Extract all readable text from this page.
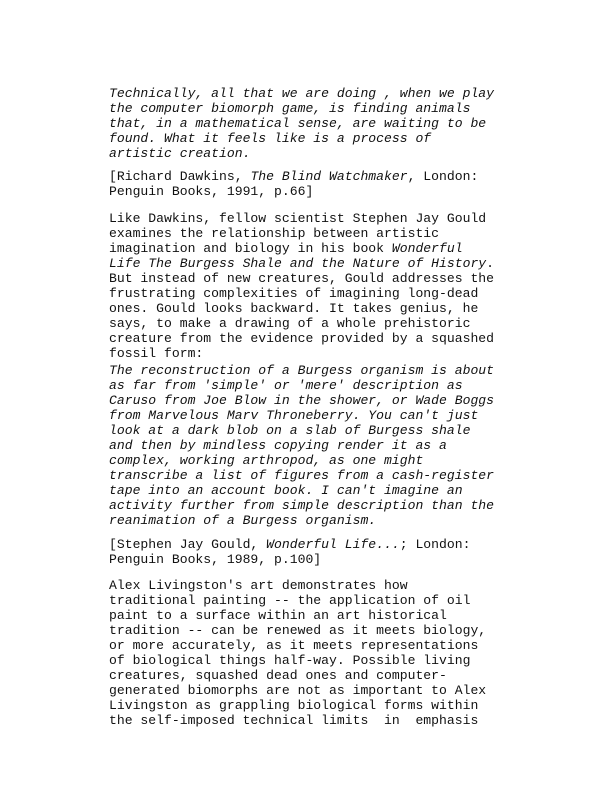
Technically, all that we are doing , when we play
the computer biomorph game, is finding animals
that, in a mathematical sense, are waiting to be
found. What it feels like is a process of
artistic creation.
[Richard Dawkins, The Blind Watchmaker, London:
Penguin Books, 1991, p.66]
Like Dawkins, fellow scientist Stephen Jay Gould
examines the relationship between artistic
imagination and biology in his book Wonderful
Life The Burgess Shale and the Nature of History.
But instead of new creatures, Gould addresses the
frustrating complexities of imagining long-dead
ones. Gould looks backward. It takes genius, he
says, to make a drawing of a whole prehistoric
creature from the evidence provided by a squashed
fossil form:
The reconstruction of a Burgess organism is about
as far from 'simple' or 'mere' description as
Caruso from Joe Blow in the shower, or Wade Boggs
from Marvelous Marv Throneberry. You can't just
look at a dark blob on a slab of Burgess shale
and then by mindless copying render it as a
complex, working arthropod, as one might
transcribe a list of figures from a cash-register
tape into an account book. I can't imagine an
activity further from simple description than the
reanimation of a Burgess organism.
[Stephen Jay Gould, Wonderful Life...; London:
Penguin Books, 1989, p.100]
Alex Livingston's art demonstrates how
traditional painting -- the application of oil
paint to a surface within an art historical
tradition -- can be renewed as it meets biology,
or more accurately, as it meets representations
of biological things half-way. Possible living
creatures, squashed dead ones and computer-
generated biomorphs are not as important to Alex
Livingston as grappling biological forms within
the self-imposed technical limits  in  emphasis
